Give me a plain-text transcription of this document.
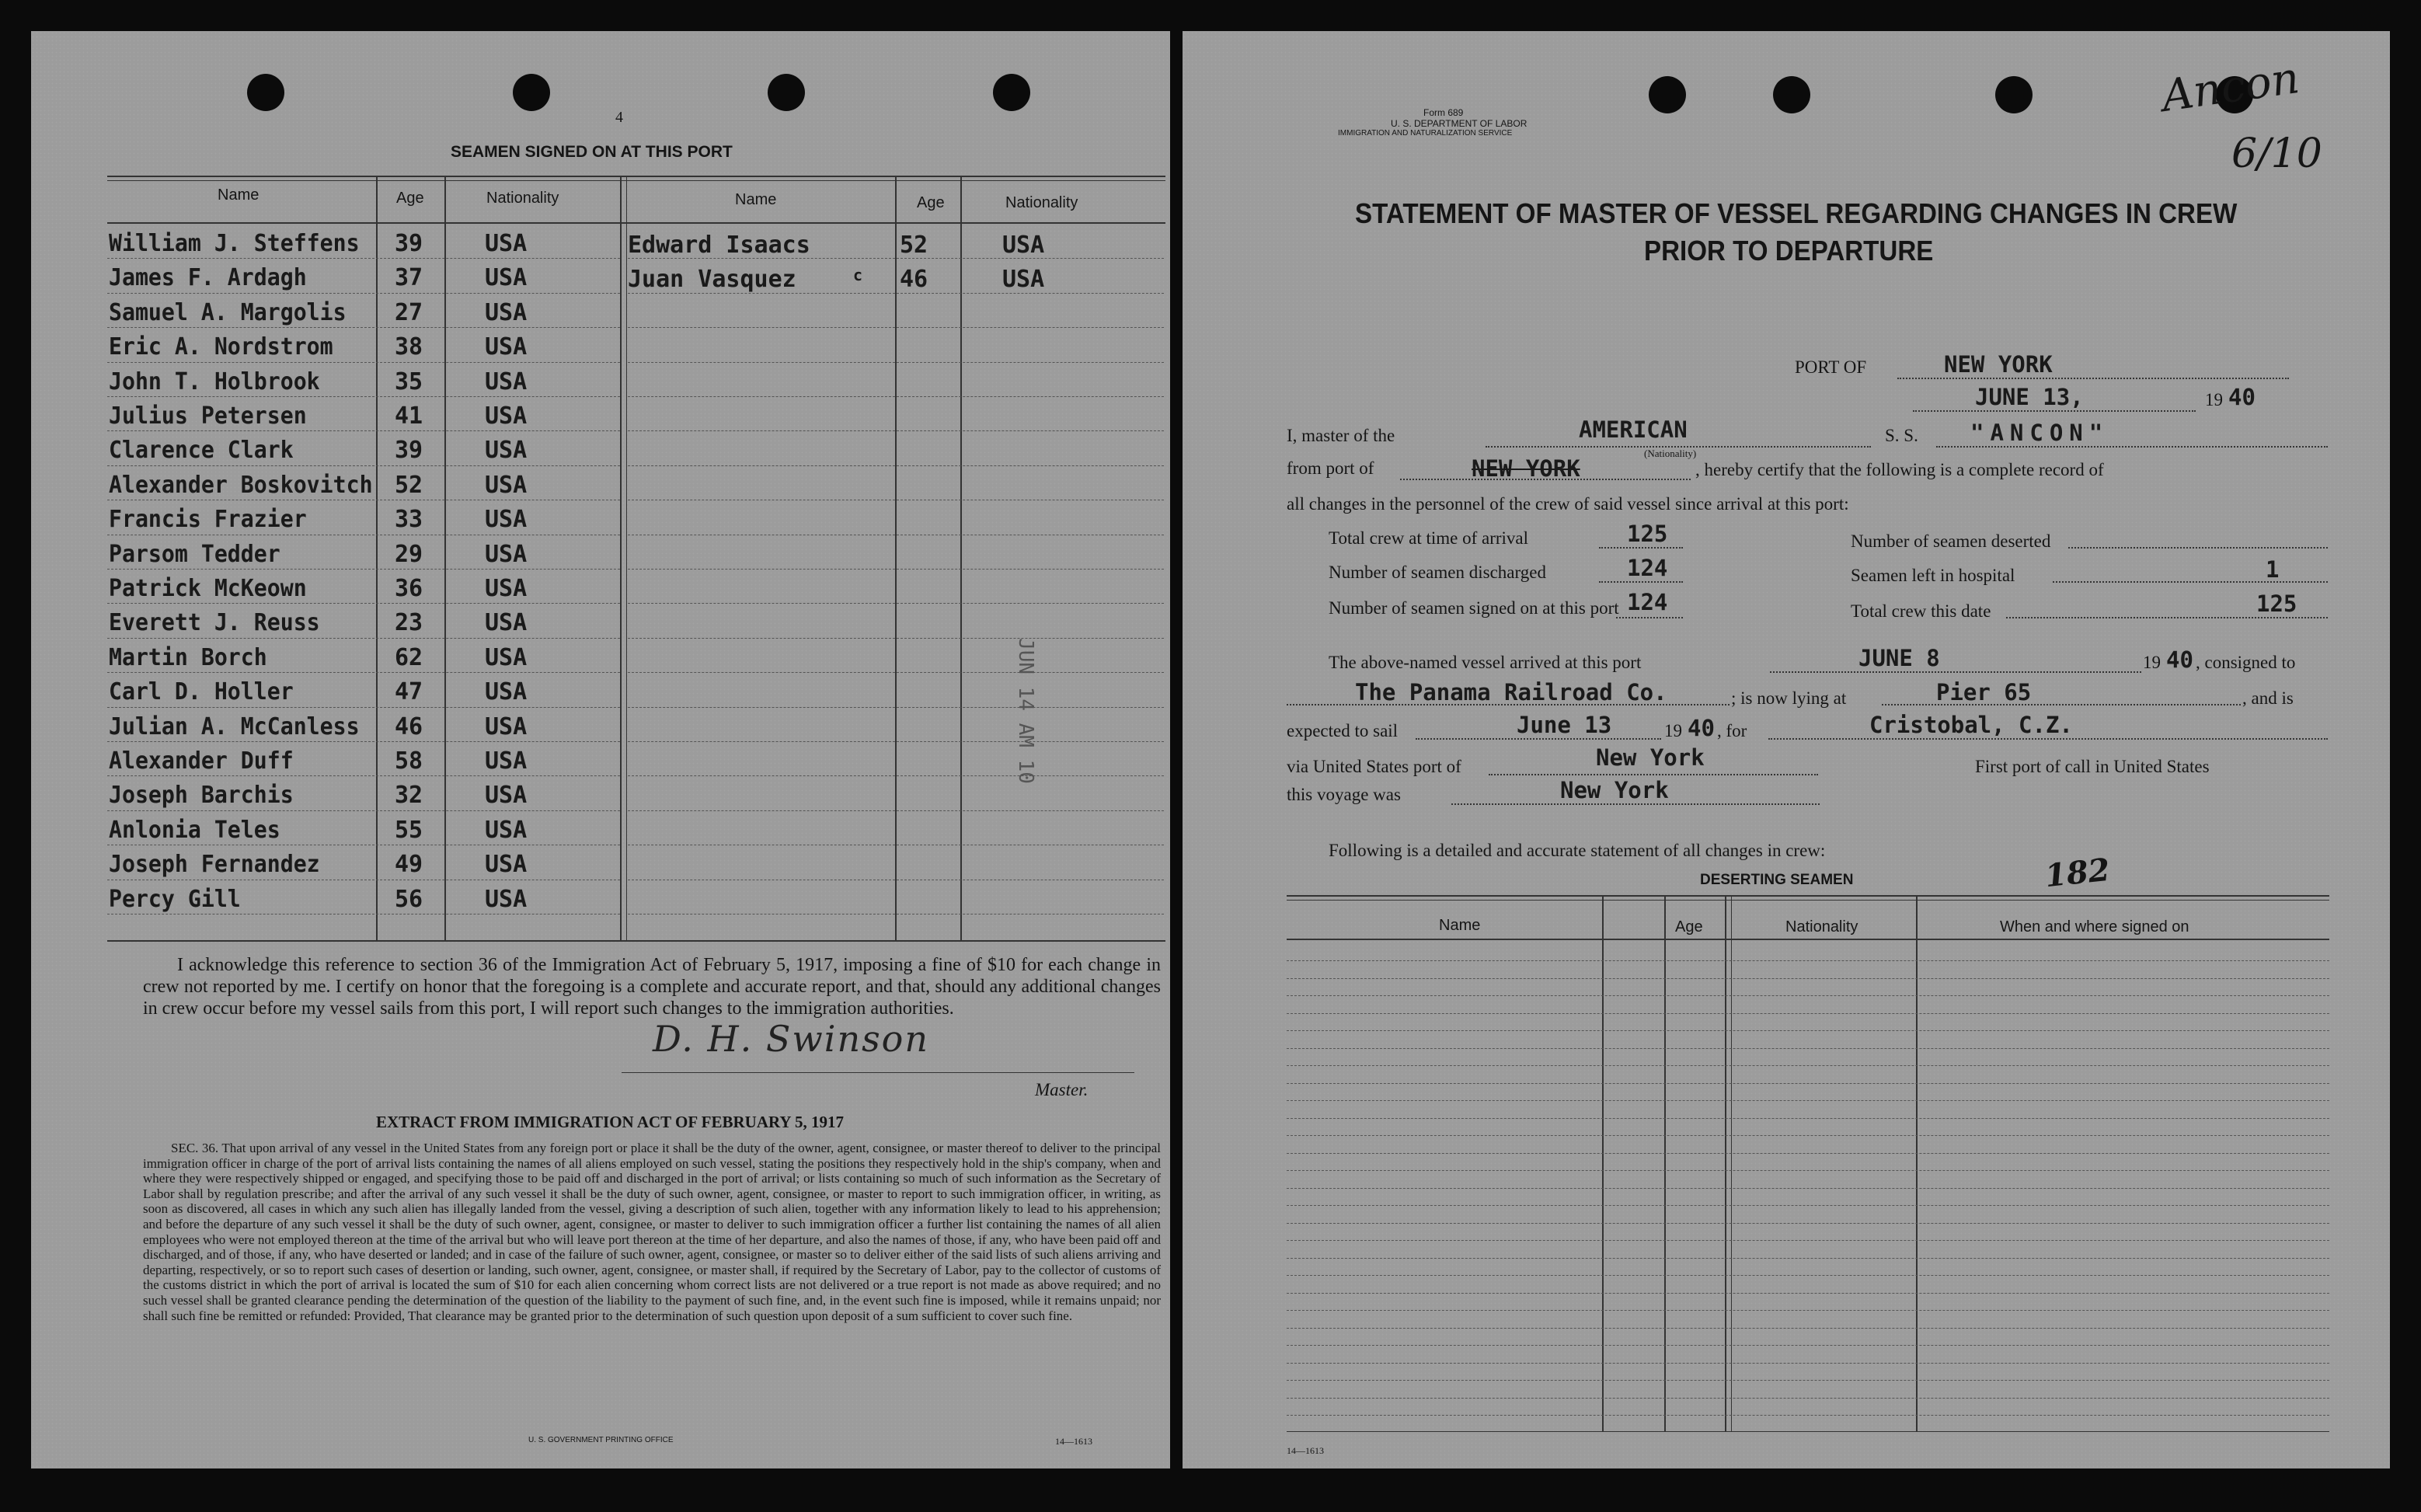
4
SEAMEN SIGNED ON AT THIS PORT
Name	Age	Nationality	Name	Age	Nationality
William J. Steffens 39	USA
James F. Ardagh	37	USA
Samuel A. Margolis 27	USA
Eric A. Nordstrom	38	USA
John T. Holbrook	35	USA
Julius Petersen	41	USA
Clarence Clark	39	USA
Alexander Boskovitch 52	USA
Francis Frazier	33	USA
Parsom Tedder	29	USA
Patrick McKeown	36	USA
Everett J. Reuss	23	USA
Martin Borch	62	USA
Carl D. Holler	47	USA
Julian A. McCanless 46	USA
Alexander Duff	58	USA
Joseph Barchis	32	USA
Anlonia Teles	55	USA
Joseph Fernandez	49	USA
Percy Gill	56	USA
Edward Isaacs	52	USA
Juan Vasquez	c 46	USA
JUN 14 AM 10
I acknowledge this reference to section 36 of the Immigration Act of February 5, 1917, imposing a fine of $10 for each change in crew not reported by me. I certify on honor that the foregoing is a complete and accurate report, and that, should any additional changes in crew occur before my vessel sails from this port, I will report such changes to the immigration authorities.
D. H. Swinson
Master.
EXTRACT FROM IMMIGRATION ACT OF FEBRUARY 5, 1917
SEC. 36. That upon arrival of any vessel in the United States from any foreign port or place it shall be the duty of the owner, agent, consignee, or master thereof to deliver to the principal immigration officer in charge of the port of arrival lists containing the names of all aliens employed on such vessel, stating the positions they respectively hold in the ship's company, when and where they were respectively shipped or engaged, and specifying those to be paid off and discharged in the port of arrival; or lists containing so much of such information as the Secretary of Labor shall by regulation prescribe; and after the arrival of any such vessel it shall be the duty of such owner, agent, consignee, or master to report to such immigration officer, in writing, as soon as discovered, all cases in which any such alien has illegally landed from the vessel, giving a description of such alien, together with any information likely to lead to his apprehension; and before the departure of any such vessel it shall be the duty of such owner, agent, consignee, or master to deliver to such immigration officer a further list containing the names of all alien employees who were not employed thereon at the time of the arrival but who will leave port thereon at the time of her departure, and also the names of those, if any, who have been paid off and discharged, and of those, if any, who have deserted or landed; and in case of the failure of such owner, agent, consignee, or master so to deliver either of the said lists of such aliens arriving and departing, respectively, or so to report such cases of desertion or landing, such owner, agent, consignee, or master shall, if required by the Secretary of Labor, pay to the collector of customs of the customs district in which the port of arrival is located the sum of $10 for each alien concerning whom correct lists are not delivered or a true report is not made as above required; and no such vessel shall be granted clearance pending the determination of the question of the liability to the payment of such fine, and, in the event such fine is imposed, while it remains unpaid; nor shall such fine be remitted or refunded: Provided, That clearance may be granted prior to the determination of such question upon deposit of a sum sufficient to cover such fine.
U. S. GOVERNMENT PRINTING OFFICE	14—1613
Form 689
U. S. DEPARTMENT OF LABOR
IMMIGRATION AND NATURALIZATION SERVICE
Ancon
6/10
STATEMENT OF MASTER OF VESSEL REGARDING CHANGES IN CREW
PRIOR TO DEPARTURE
PORT OF	NEW YORK
JUNE 13,	19 40
I, master of the	AMERICAN
(Nationality)
S. S. "ANCON"
from port of	NEW YORK	, hereby certify that the following is a complete record of
all changes in the personnel of the crew of said vessel since arrival at this port:
Total crew at time of arrival	125
Number of seamen discharged	124
Number of seamen signed on at this port 124
Number of seamen deserted
Seamen left in hospital	1
Total crew this date	125
The above-named vessel arrived at this port	JUNE 8	19 40 , consigned to
The Panama Railroad Co.	; is now lying at	Pier 65	, and is
expected to sail	June 13	19 40 , for	Cristobal, C.Z.
via United States port of	New York	First port of call in United States
this voyage was	New York
Following is a detailed and accurate statement of all changes in crew:
DESERTING SEAMEN	182
Name	Age	Nationality	When and where signed on
14—1613
